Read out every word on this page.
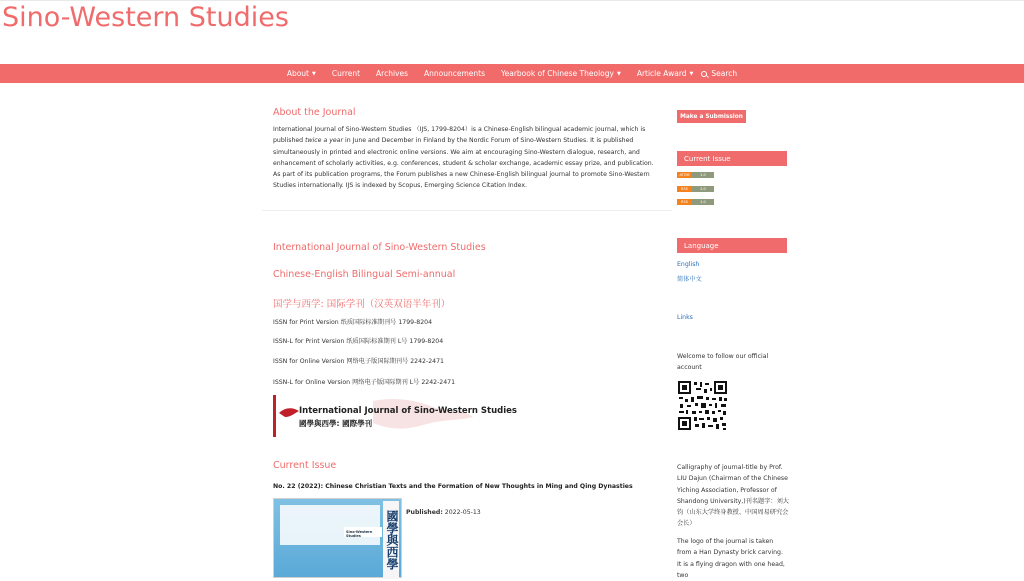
Sino-Western Studies
About ▼ Current Archives Announcements Yearbook of Chinese Theology ▼ Article Award ▼ Search
About the Journal

International Journal of Sino-Western Studies （IJS, 1799-8204）is a Chinese-English bilingual academic journal, which is published twice a year in June and December in Finland by the Nordic Forum of Sino-Western Studies. It is published simultaneously in printed and electronic online versions. We aim at encouraging Sino-Western dialogue, research, and enhancement of scholarly activities, e.g. conferences, student & scholar exchange, academic essay prize, and publication. As part of its publication programs, the Forum publishes a new Chinese-English bilingual journal to promote Sino-Western Studies internationally. IJS is indexed by Scopus, Emerging Science Citation Index.

International Journal of Sino-Western Studies
Chinese-English Bilingual Semi-annual
国学与西学: 国际学刊（汉英双语半年刊）
ISSN for Print Version 纸质国际标准期刊号 1799-8204
ISSN-L for Print Version 纸质国际标准期刊 L号 1799-8204
ISSN for Online Version 网络电子版国际期刊号 2242-2471
ISSN-L for Online Version 网络电子版国际期刊 L号 2242-2471
International Journal of Sino-Western Studies
國學與西學: 國際學刊
Current Issue
No. 22 (2022): Chinese Christian Texts and the Formation of New Thoughts in Ming and Qing Dynasties
Sino-Western Studies	國學與西學 Published: 2022-05-13
Make a Submission
Current Issue
ATOM	1.0
RSS	2.0
RSS	1.0
Language
English
简体中文
Links
Welcome to follow our official account
Calligraphy of journal-title by Prof. LIU Dajun (Chairman of the Chinese Yiching Association, Professor of Shandong University,)刊名题字：刘大钧（山东大学终身教授、中国周易研究会会长）
The logo of the journal is taken from a Han Dynasty brick carving. It is a flying dragon with one head, two
